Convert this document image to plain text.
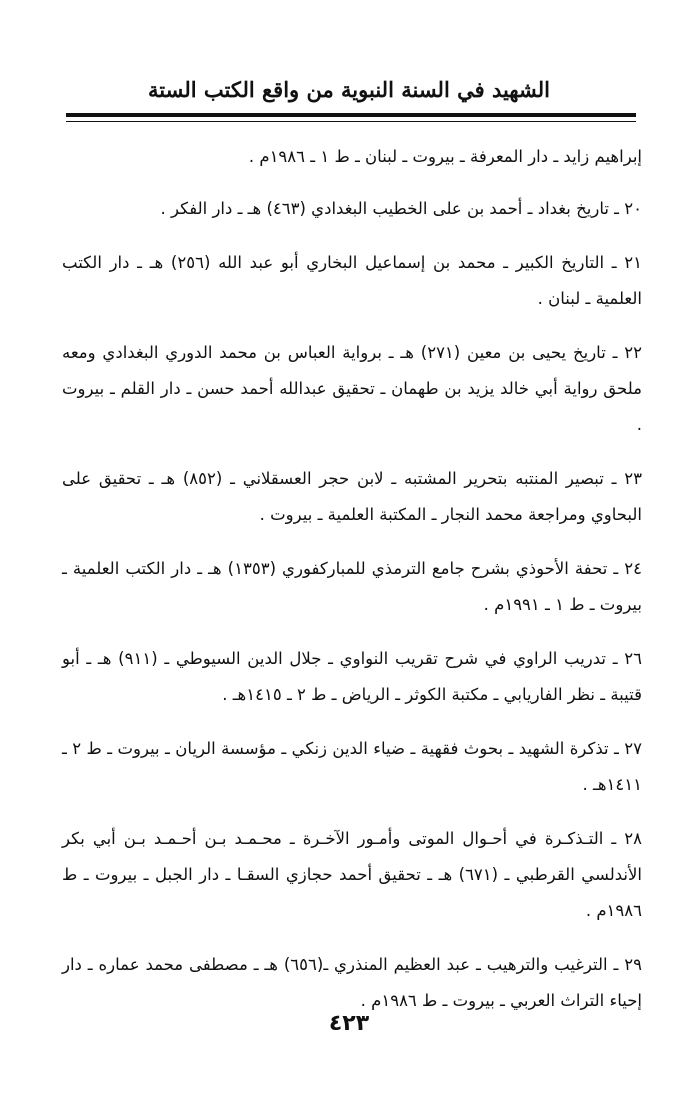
الشهيد في السنة النبوية من واقع الكتب الستة

إبراهيم زايد ـ دار المعرفة ـ بيروت ـ لبنان ـ ط ١ ـ ١٩٨٦م .

٢٠ ـ تاريخ بغداد ـ أحمد بن على الخطيب البغدادي (٤٦٣) هـ ـ دار الفكر .

٢١ ـ التاريخ الكبير ـ محمد بن إسماعيل البخاري أبو عبد الله (٢٥٦) هـ ـ دار الكتب العلمية ـ لبنان .

٢٢ ـ تاريخ يحيى بن معين (٢٧١) هـ ـ برواية العباس بن محمد الدوري البغدادي ومعه ملحق رواية أبي خالد يزيد بن طهمان ـ تحقيق عبدالله أحمد حسن ـ دار القلم ـ بيروت .

٢٣ ـ تبصير المنتبه بتحرير المشتبه ـ لابن حجر العسقلاني ـ (٨٥٢) هـ ـ تحقيق على البحاوي ومراجعة محمد النجار ـ المكتبة العلمية ـ بيروت .

٢٤ ـ تحفة الأحوذي بشرح جامع الترمذي للمباركفوري (١٣٥٣) هـ ـ دار الكتب العلمية ـ بيروت ـ ط ١ ـ ١٩٩١م .

٢٦ ـ تدريب الراوي في شرح تقريب النواوي ـ جلال الدين السيوطي ـ (٩١١) هـ ـ أبو قتيبة ـ نظر الفاريابي ـ مكتبة الكوثر ـ الرياض ـ ط ٢ ـ ١٤١٥هـ .

٢٧ ـ تذكرة الشهيد ـ بحوث فقهية ـ ضياء الدين زنكي ـ مؤسسة الريان ـ بيروت ـ ط ٢ ـ ١٤١١هـ .

٢٨ ـ التـذكـرة في أحـوال الموتى وأمـور الآخـرة ـ محـمـد بـن أحـمـد بـن أبي بكر الأندلسي القرطبي ـ (٦٧١) هـ ـ تحقيق أحمد حجازي السقـا ـ دار الجبل ـ بيروت ـ ط ١٩٨٦م .

٢٩ ـ الترغيب والترهيب ـ عبد العظيم المنذري ـ(٦٥٦) هـ ـ مصطفى محمد عماره ـ دار إحياء التراث العربي ـ بيروت ـ ط ١٩٨٦م .

٤٢٣
